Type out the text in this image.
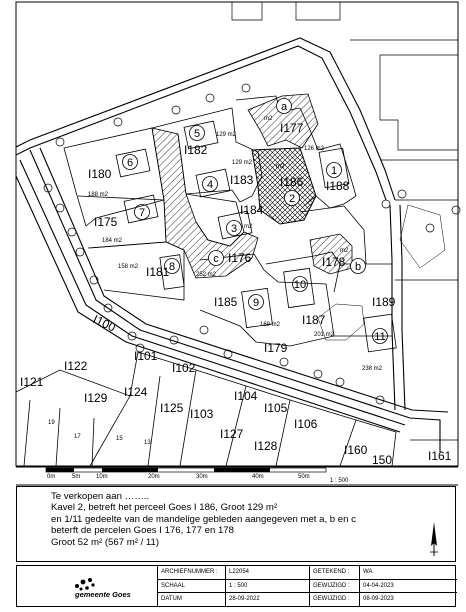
I180
I175
I182
I183
I184
I177
I186 I188
I176	I178
I181
I185
I187
I189
I179
I101
I102
I103
I104
I105
I106
I127
I128
I129 I124
I125
I122
I121
I160	I161
I100
6
7
5
4
3
a
1
2
8
c
b
9
10
11
19
17	15
13
150
129 m2
129 m2
188 m2
184 m2
158 m2
252 m2
169 m2
126 m2
201 m2
238 m2
m2
m2
m2
m2
0m	5m	10m	20m	30m	40m	50m
1 : 500
Te verkopen aan ……..
Kavel 2, betreft het perceel Goes I 186, Groot 129 m²
en 1/11 gedeelte van de mandelige gebleden aangegeven met a, b en c
beterft de percelen Goes I 176, 177 en 178
Groot 52 m² (567 m² / 11)
gemeente Goes
ARCHIEFNUMMER :	L22054	GETEKEND :	WA
SCHAAL	1 : 500	GEWIJZIGD :	04-04-2023
DATUM	28-09-2022	GEWIJZIGD :	08-09-2023
